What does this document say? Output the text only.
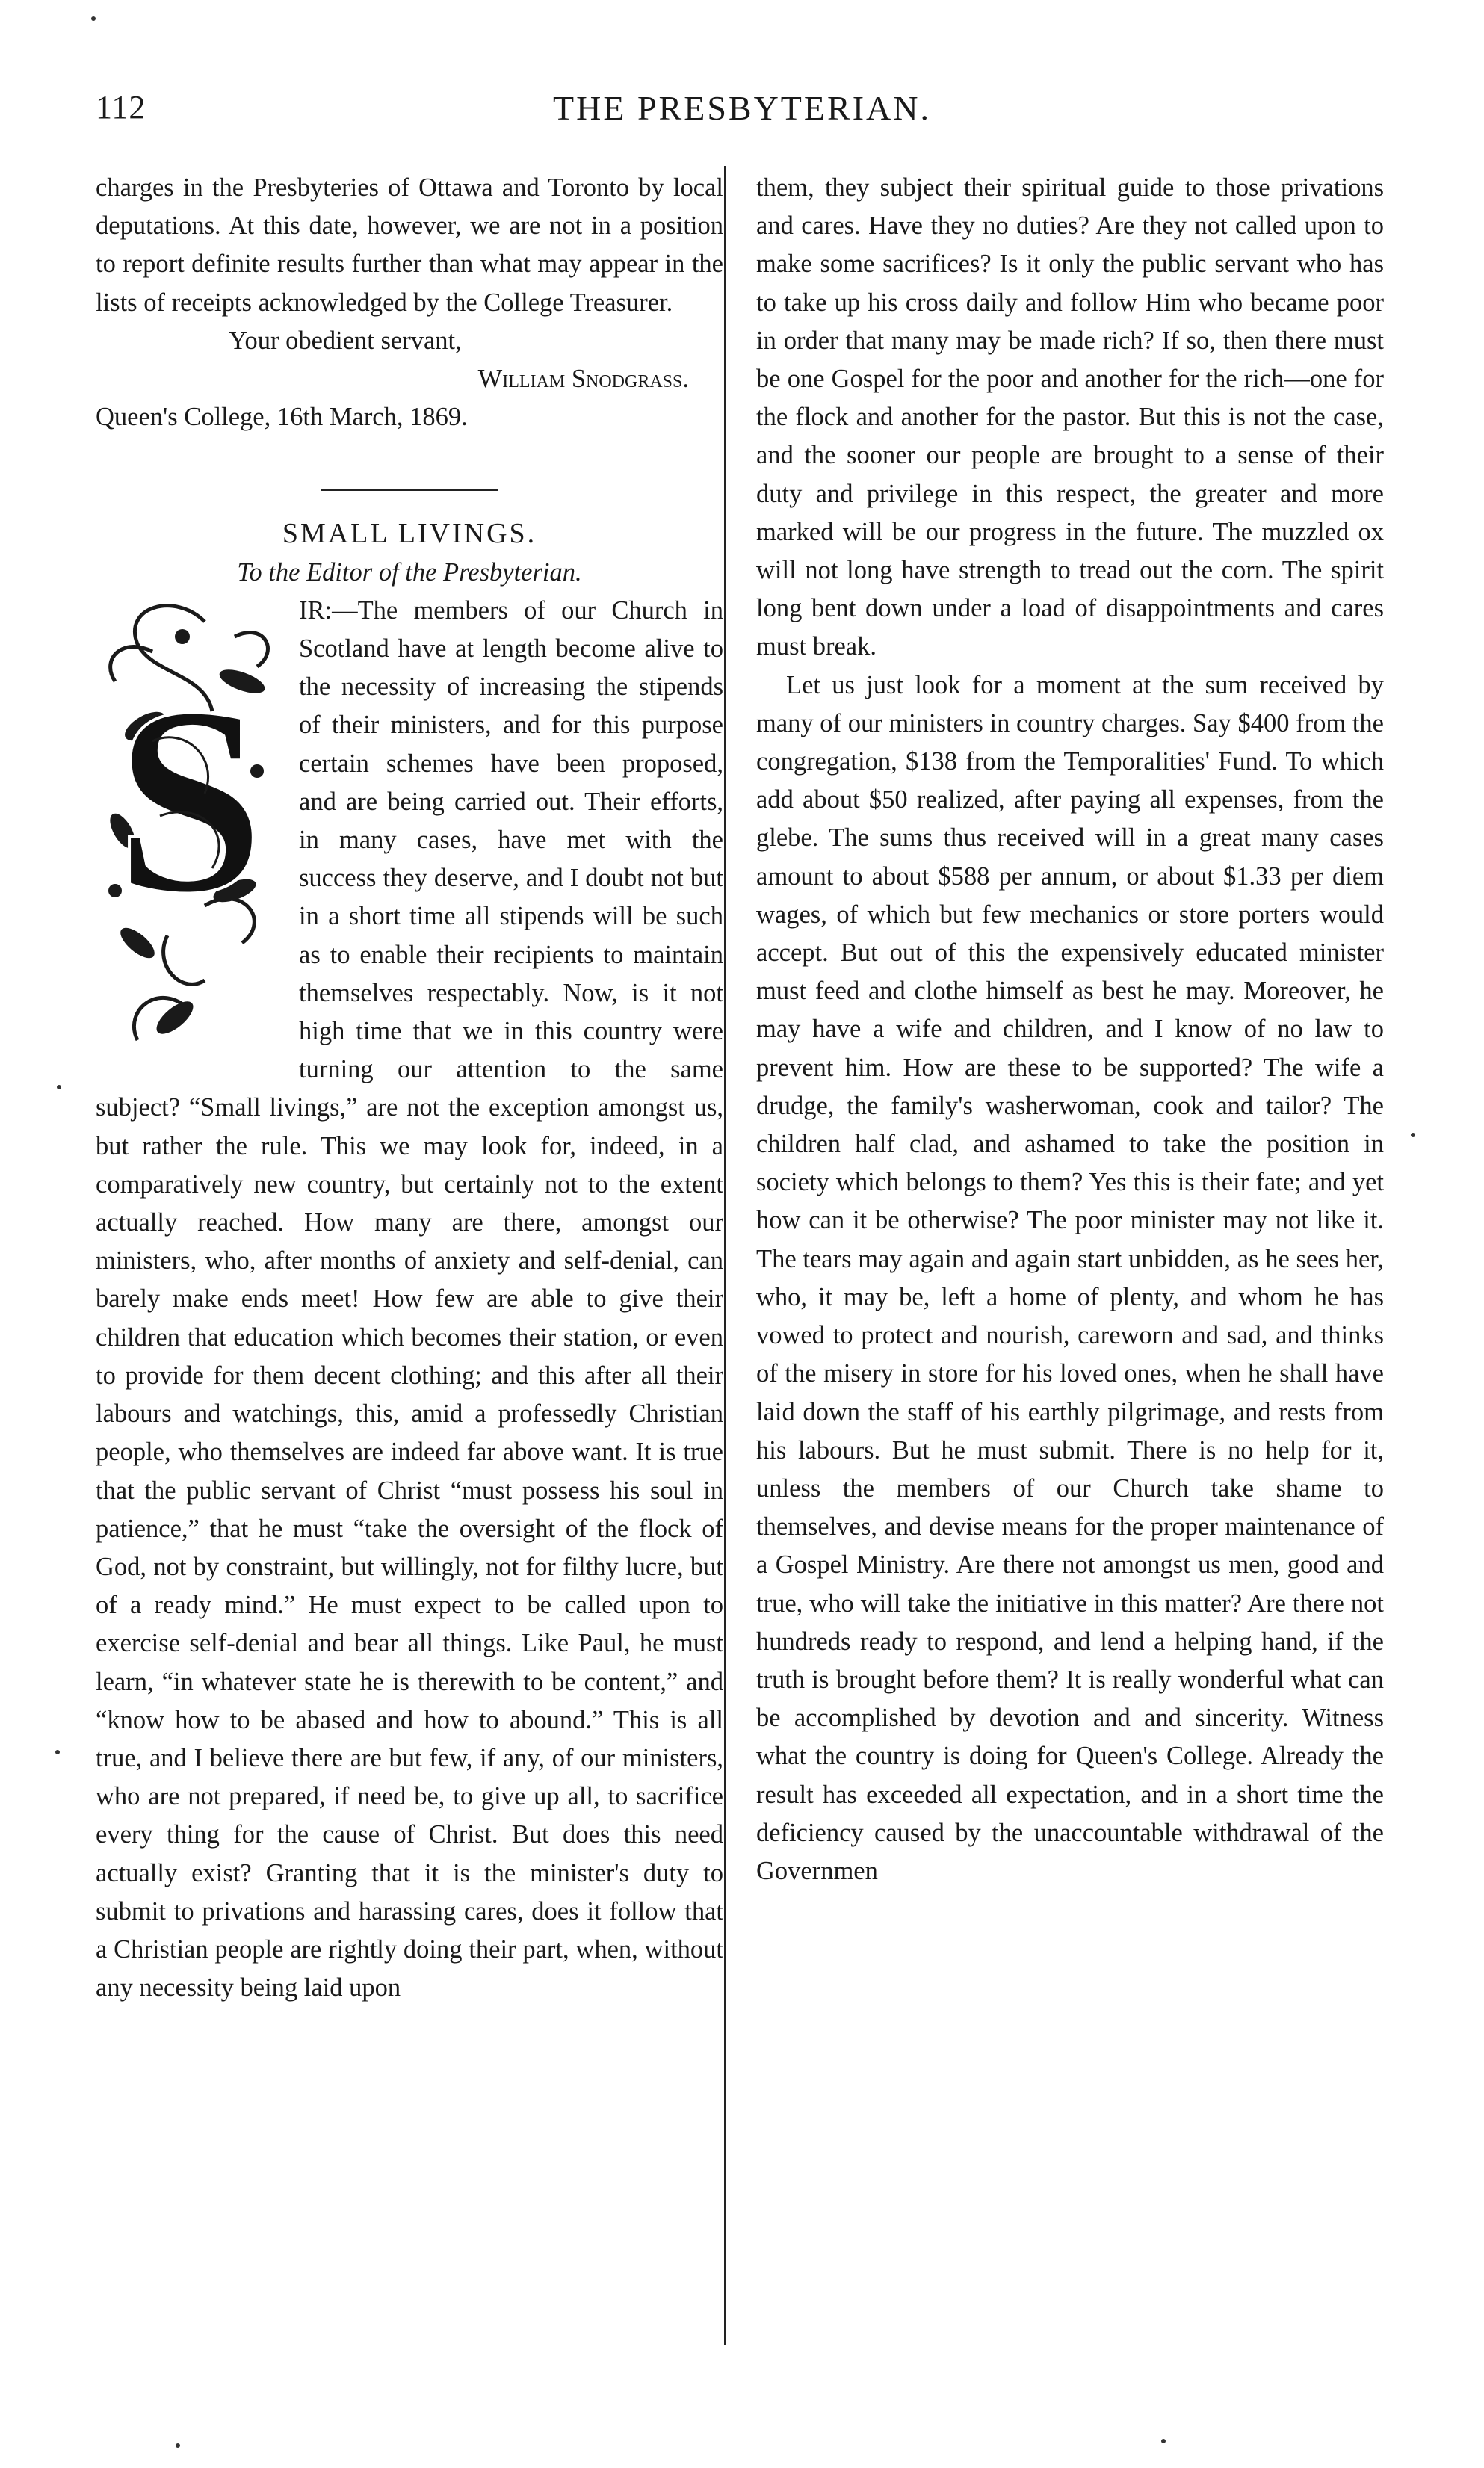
112	THE PRESBYTERIAN.

charges in the Presbyteries of Ottawa and Toronto by local deputations. At this date, however, we are not in a position to report definite results further than what may appear in the lists of receipts acknowledged by the College Treasurer.

Your obedient servant,

William Snodgrass.

Queen's College, 16th March, 1869.

SMALL LIVINGS.

To the Editor of the Presbyterian.

S

IR:—The members of our Church in Scotland have at length become alive to the necessity of increasing the stipends of their ministers, and for this purpose certain schemes have been proposed, and are being carried out. Their efforts, in many cases, have met with the success they deserve, and I doubt not but in a short time all stipends will be such as to enable their recipients to maintain themselves respectably. Now, is it not high time that we in this country were turning our attention to the same subject? “Small livings,” are not the exception amongst us, but rather the rule. This we may look for, indeed, in a comparatively new country, but certainly not to the extent actually reached. How many are there, amongst our ministers, who, after months of anxiety and self-denial, can barely make ends meet! How few are able to give their children that education which becomes their station, or even to provide for them decent clothing; and this after all their labours and watchings, this, amid a professedly Christian people, who themselves are indeed far above want. It is true that the public servant of Christ “must possess his soul in patience,” that he must “take the oversight of the flock of God, not by constraint, but willingly, not for filthy lucre, but of a ready mind.” He must expect to be called upon to exercise self-denial and bear all things. Like Paul, he must learn, “in whatever state he is therewith to be content,” and “know how to be abased and how to abound.” This is all true, and I believe there are but few, if any, of our ministers, who are not prepared, if need be, to give up all, to sacrifice every thing for the cause of Christ. But does this need actually exist? Granting that it is the minister's duty to submit to privations and harassing cares, does it follow that a Christian people are rightly doing their part, when, without any necessity being laid upon

them, they subject their spiritual guide to those privations and cares. Have they no duties? Are they not called upon to make some sacrifices? Is it only the public servant who has to take up his cross daily and follow Him who became poor in order that many may be made rich? If so, then there must be one Gospel for the poor and another for the rich—one for the flock and another for the pastor. But this is not the case, and the sooner our people are brought to a sense of their duty and privilege in this respect, the greater and more marked will be our progress in the future. The muzzled ox will not long have strength to tread out the corn. The spirit long bent down under a load of disappointments and cares must break.

Let us just look for a moment at the sum received by many of our ministers in country charges. Say $400 from the congregation, $138 from the Temporalities' Fund. To which add about $50 realized, after paying all expenses, from the glebe. The sums thus received will in a great many cases amount to about $588 per annum, or about $1.33 per diem wages, of which but few mechanics or store porters would accept. But out of this the expensively educated minister must feed and clothe himself as best he may. Moreover, he may have a wife and children, and I know of no law to prevent him. How are these to be supported? The wife a drudge, the family's washerwoman, cook and tailor? The children half clad, and ashamed to take the position in society which belongs to them? Yes this is their fate; and yet how can it be otherwise? The poor minister may not like it. The tears may again and again start unbidden, as he sees her, who, it may be, left a home of plenty, and whom he has vowed to protect and nourish, careworn and sad, and thinks of the misery in store for his loved ones, when he shall have laid down the staff of his earthly pilgrimage, and rests from his labours. But he must submit. There is no help for it, unless the members of our Church take shame to themselves, and devise means for the proper maintenance of a Gospel Ministry. Are there not amongst us men, good and true, who will take the initiative in this matter? Are there not hundreds ready to respond, and lend a helping hand, if the truth is brought before them? It is really wonderful what can be accomplished by devotion and and sincerity. Witness what the country is doing for Queen's College. Already the result has exceeded all expectation, and in a short time the deficiency caused by the unaccountable withdrawal of the Governmen
